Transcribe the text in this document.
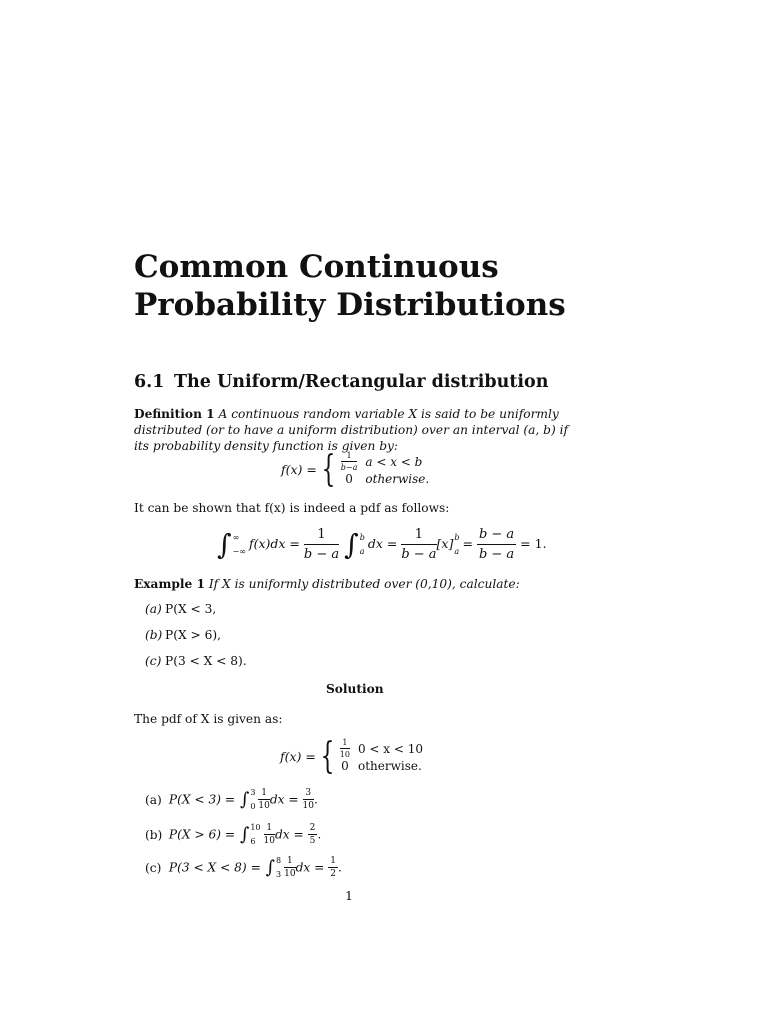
Common Continuous
Probability Distributions
6.1 The Uniform/Rectangular distribution
Definition 1 A continuous random variable X is said to be uniformly distributed (or to have a uniform distribution) over an interval (a, b) if its probability density function is given by:
f(x) = { $\frac{1}{b-a}$	a < x < b
0	otherwise.
It can be shown that f(x) is indeed a pdf as follows:
∫ ∞
−∞ $f(x)dx = \frac{1}{b - a}$ ∫ b
a dx = $\frac{1}{b - a} [x]$ b
$a = \frac{b - a}{b - a} = 1$.
Example 1 If X is uniformly distributed over (0,10), calculate:
(a) P(X < 3,
(b) P(X > 6),
(c) P(3 < X < 8).
Solution
The pdf of X is given as:
f(x) = { $\frac{1}{10}$	0 < x < 10
0	otherwise.
(a) P(X < 3) = ∫ 3
$0 \frac{1}{10}$ dx = $\frac{3}{10}$ .
(b) P(X > 6) = ∫ 10
$6 \frac{1}{10}$ dx = $\frac{2}{5}$ .
(c) P(3 < X < 8) = ∫ 8
$3 \frac{1}{10}$ dx = $\frac{1}{2}$ .
1
